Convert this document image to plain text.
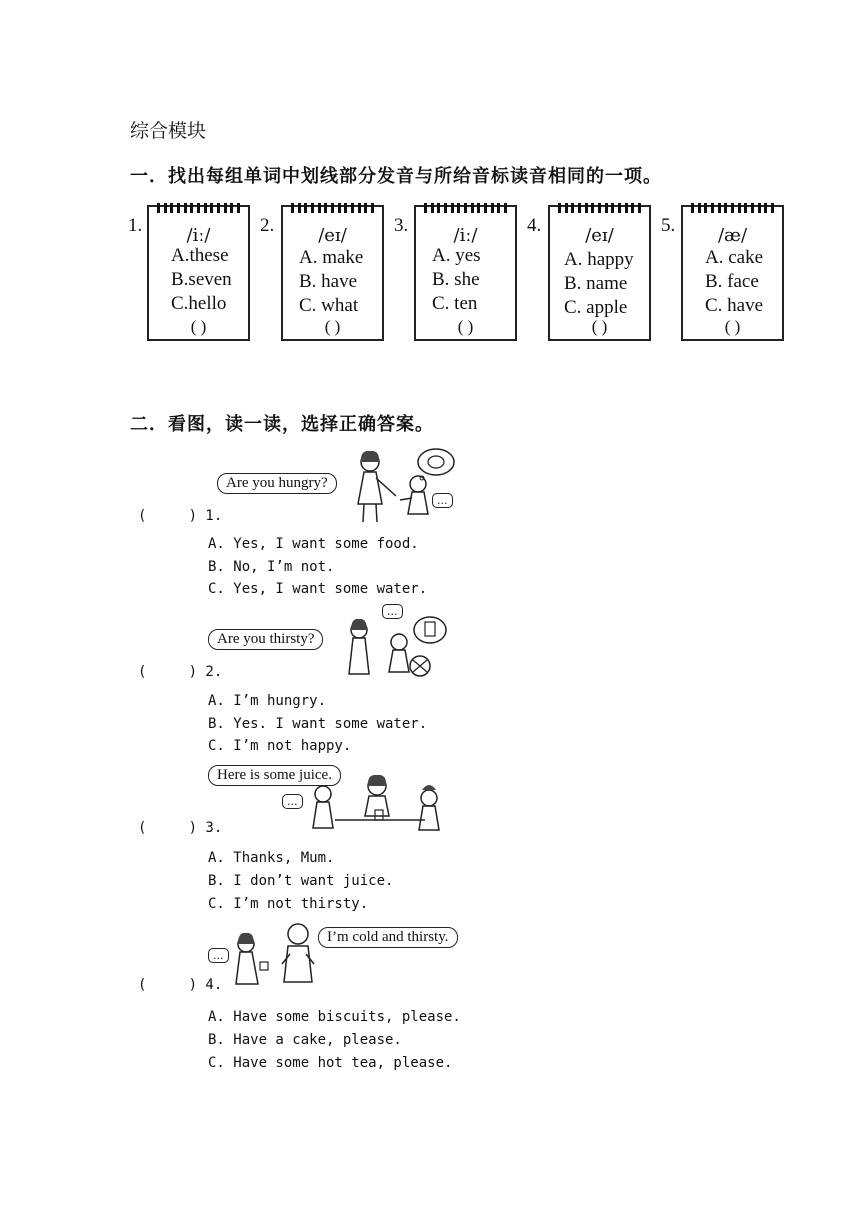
综合模块
一．找出每组单词中划线部分发音与所给音标读音相同的一项。
1.	/iː/
A.these
B.seven
C.hello
( )
2.	/eɪ/
A. make
B. have
C. what
( )
3.	/iː/
A. yes
B. she
C. ten
( )
4.	/eɪ/
A. happy
B. name
C. apple
( )
5.	/æ/
A. cake
B. face
C. have
( )
二．看图，读一读，选择正确答案。
Are you hungry?
...
(     ) 1.
A. Yes, I want some food.
B. No, I’m not.
C. Yes, I want some water.
Are you thirsty?
...
(     ) 2.
A. I’m hungry.
B. Yes. I want some water.
C. I’m not happy.
Here is some juice.
...
(     ) 3.
A. Thanks, Mum.
B. I don’t want juice.
C. I’m not thirsty.
I’m cold and thirsty.
...
(     ) 4.
A. Have some biscuits, please.
B. Have a cake, please.
C. Have some hot tea, please.
